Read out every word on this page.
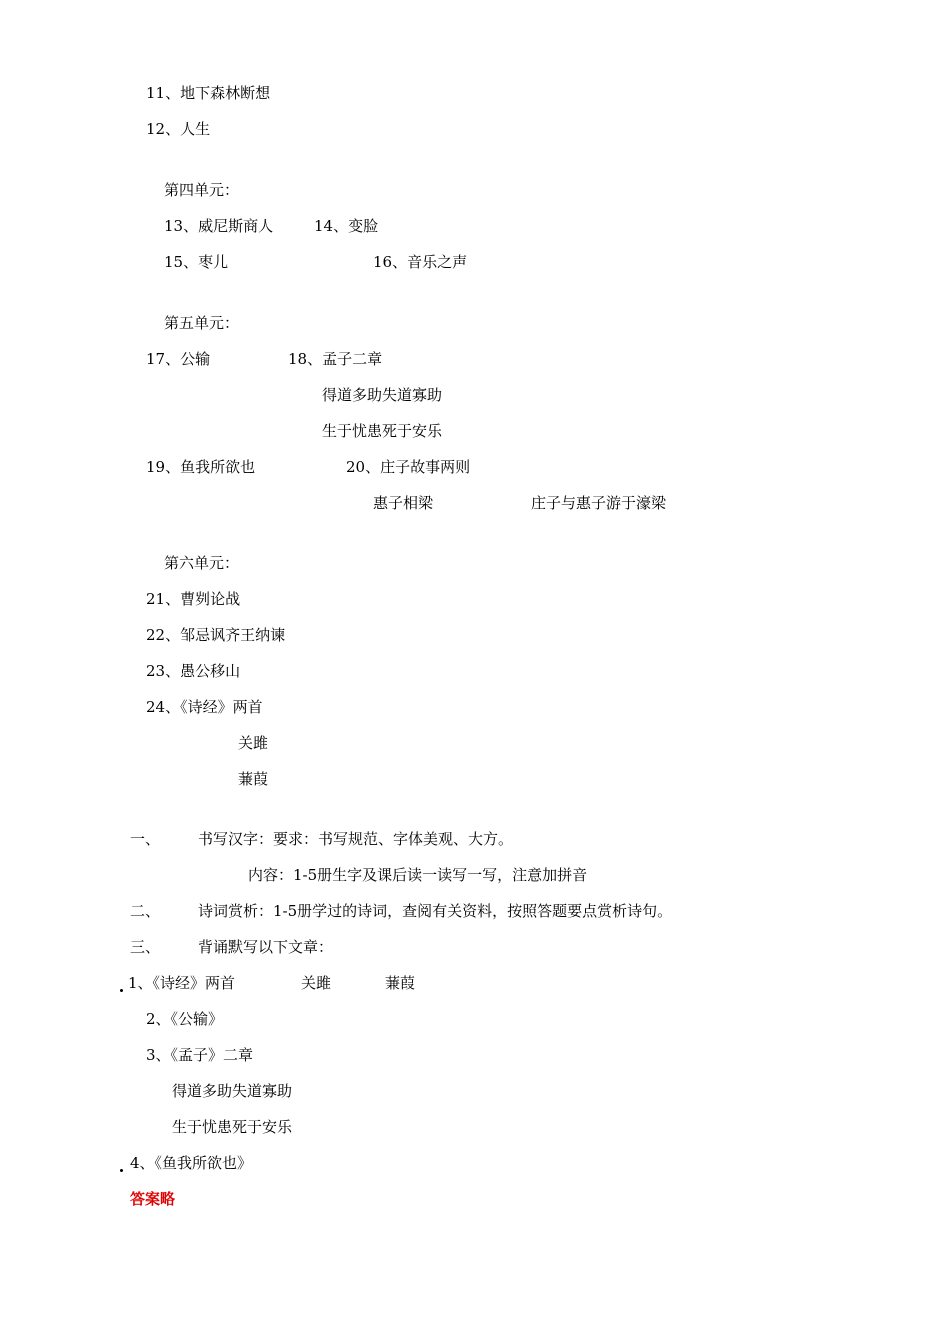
11、地下森林断想
12、人生
第四单元：
13、威尼斯商人	14、变脸
15、枣儿	16、音乐之声
第五单元：
17、公输	18、孟子二章
得道多助失道寡助
生于忧患死于安乐
19、鱼我所欲也	20、庄子故事两则
惠子相梁	庄子与惠子游于濠梁
第六单元：
21、曹刿论战
22、邹忌讽齐王纳谏
23、愚公移山
24、《诗经》两首
关雎
蒹葭
一、	书写汉字：要求：书写规范、字体美观、大方。
内容：1-5册生字及课后读一读写一写，注意加拼音
二、	诗词赏析：1-5册学过的诗词，查阅有关资料，按照答题要点赏析诗句。
三、	背诵默写以下文章：
1、《诗经》两首	关雎	蒹葭
2、《公输》
3、《孟子》二章
得道多助失道寡助
生于忧患死于安乐
4、《鱼我所欲也》
答案略
